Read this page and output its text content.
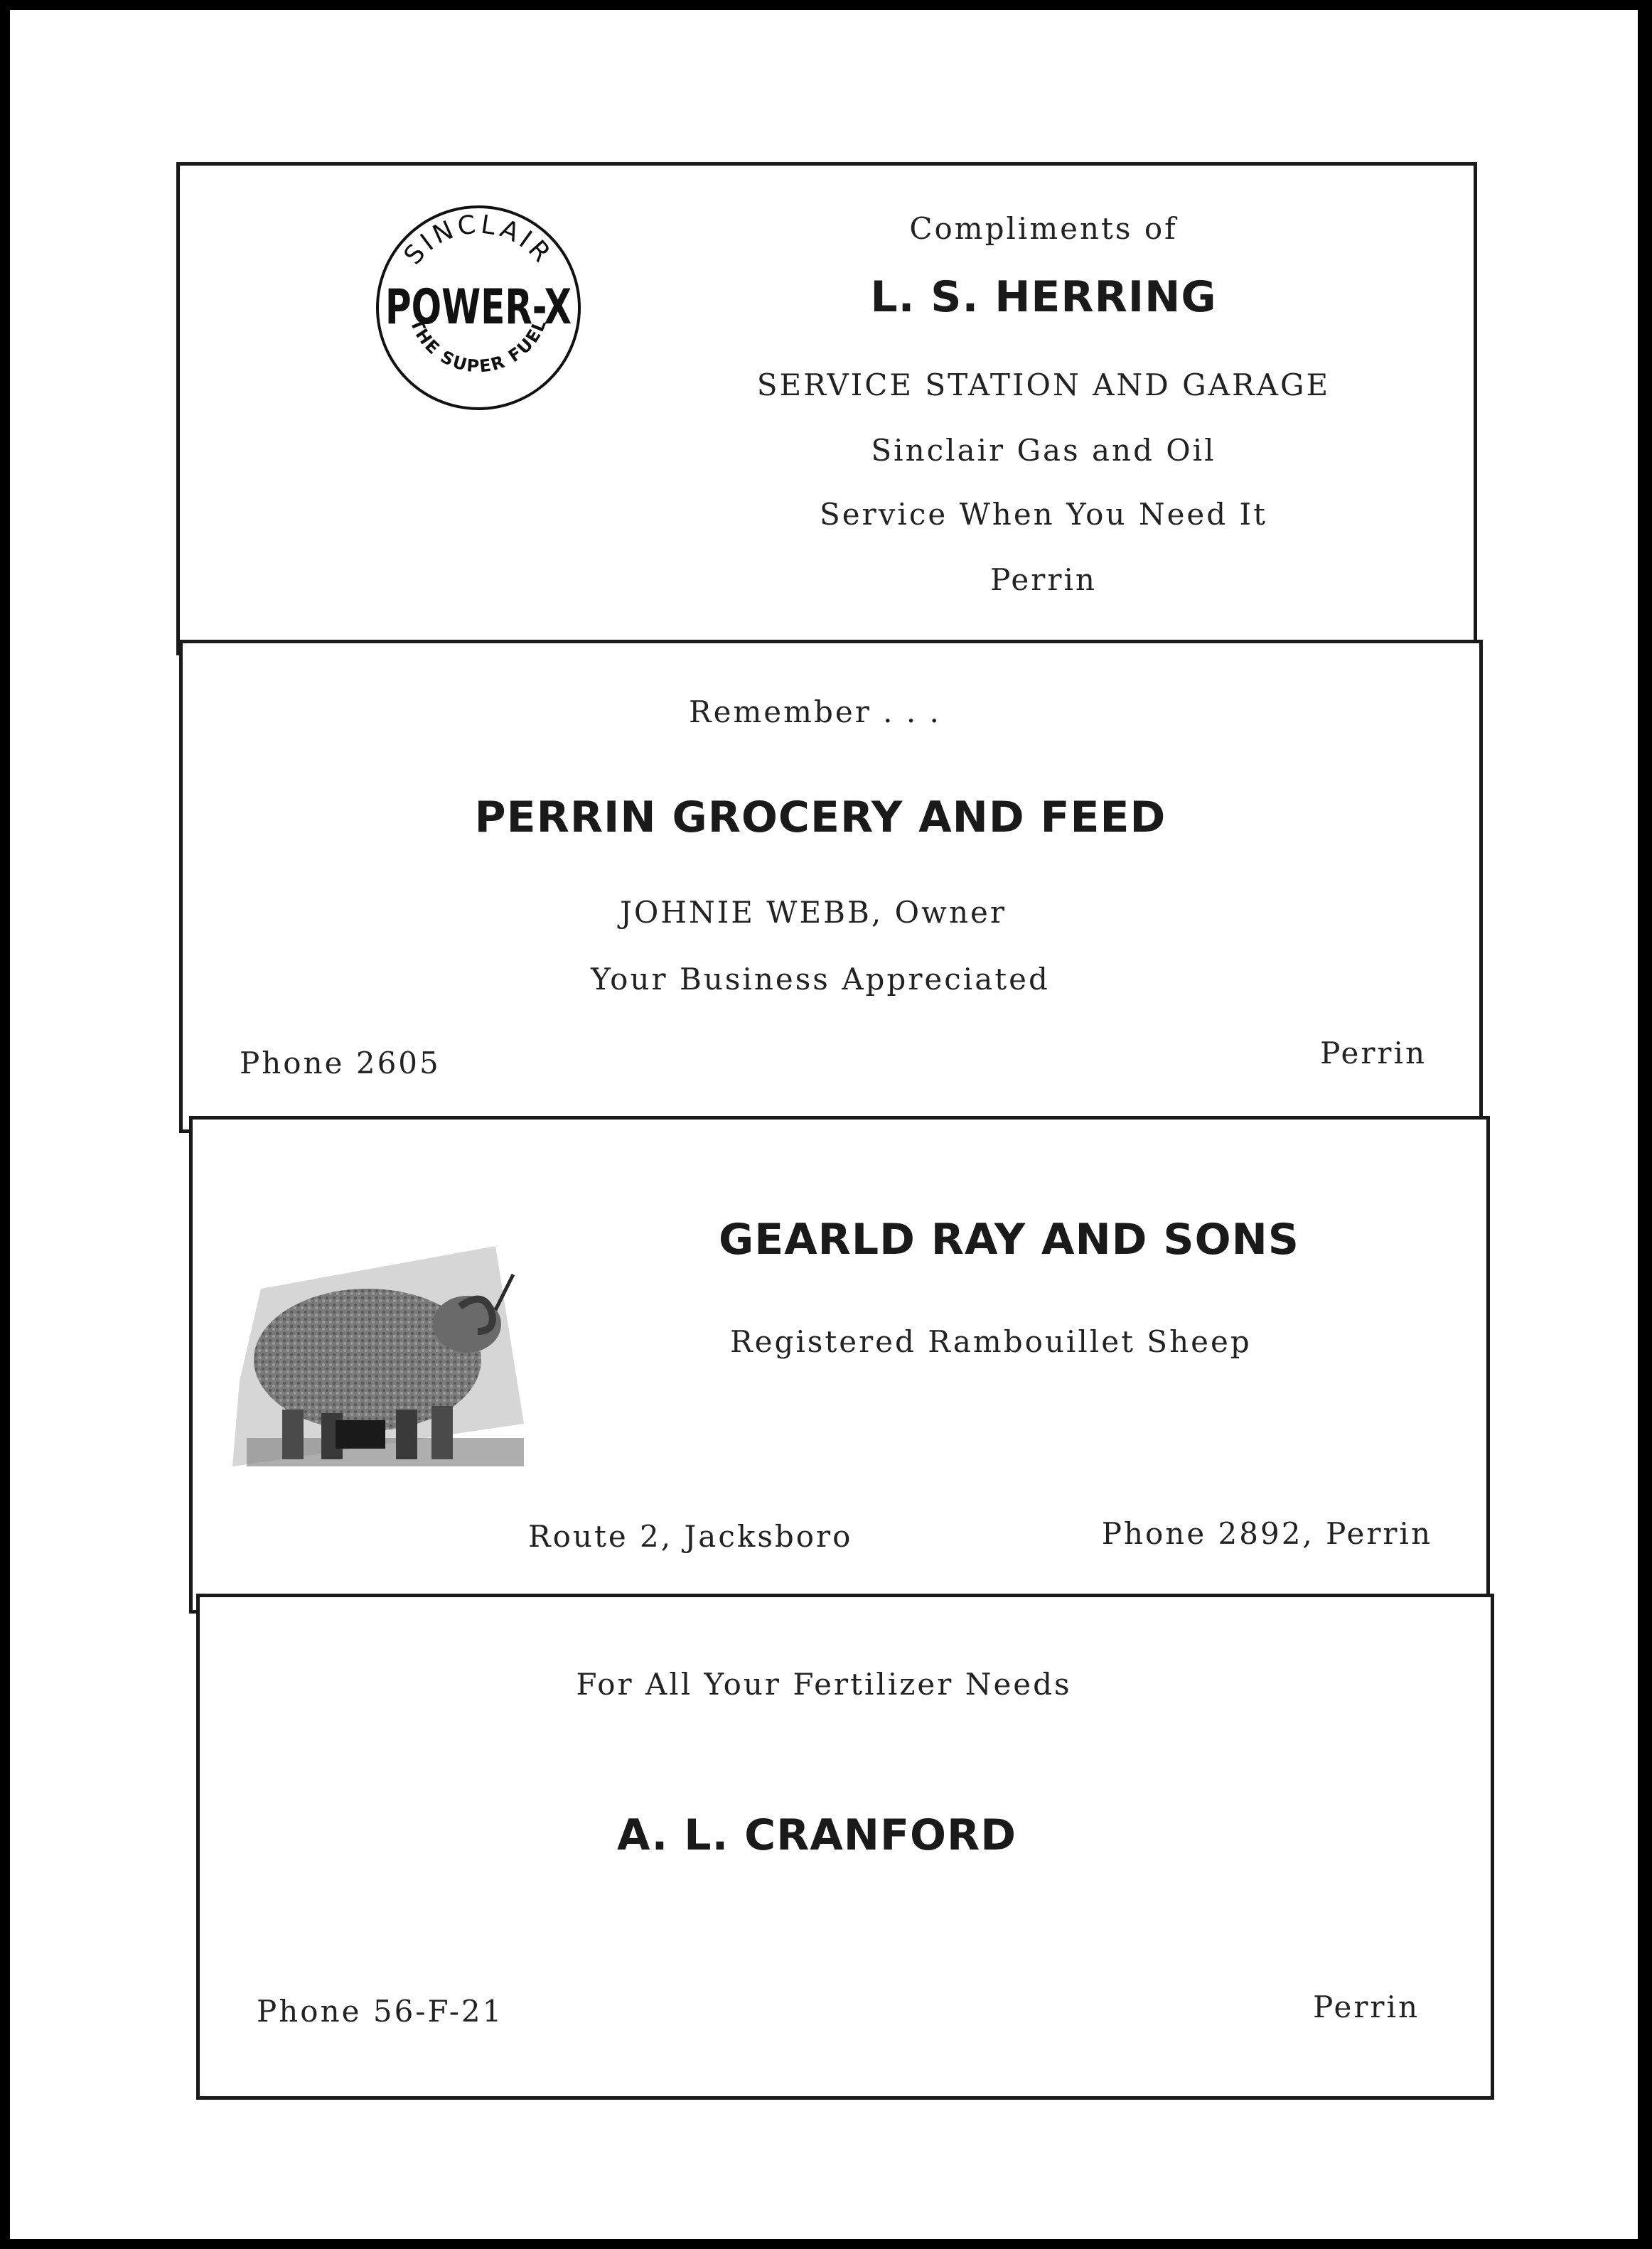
SINCLAIR
POWER-X
THE SUPER FUEL
Compliments of
L. S. HERRING
SERVICE STATION AND GARAGE
Sinclair Gas and Oil
Service When You Need It
Perrin
Remember . . .
PERRIN GROCERY AND FEED
JOHNIE WEBB, Owner
Your Business Appreciated
Phone 2605	Perrin
GEARLD RAY AND SONS
Registered Rambouillet Sheep
Route 2, Jacksboro	Phone 2892, Perrin
For All Your Fertilizer Needs
A. L. CRANFORD
Phone 56-F-21	Perrin
